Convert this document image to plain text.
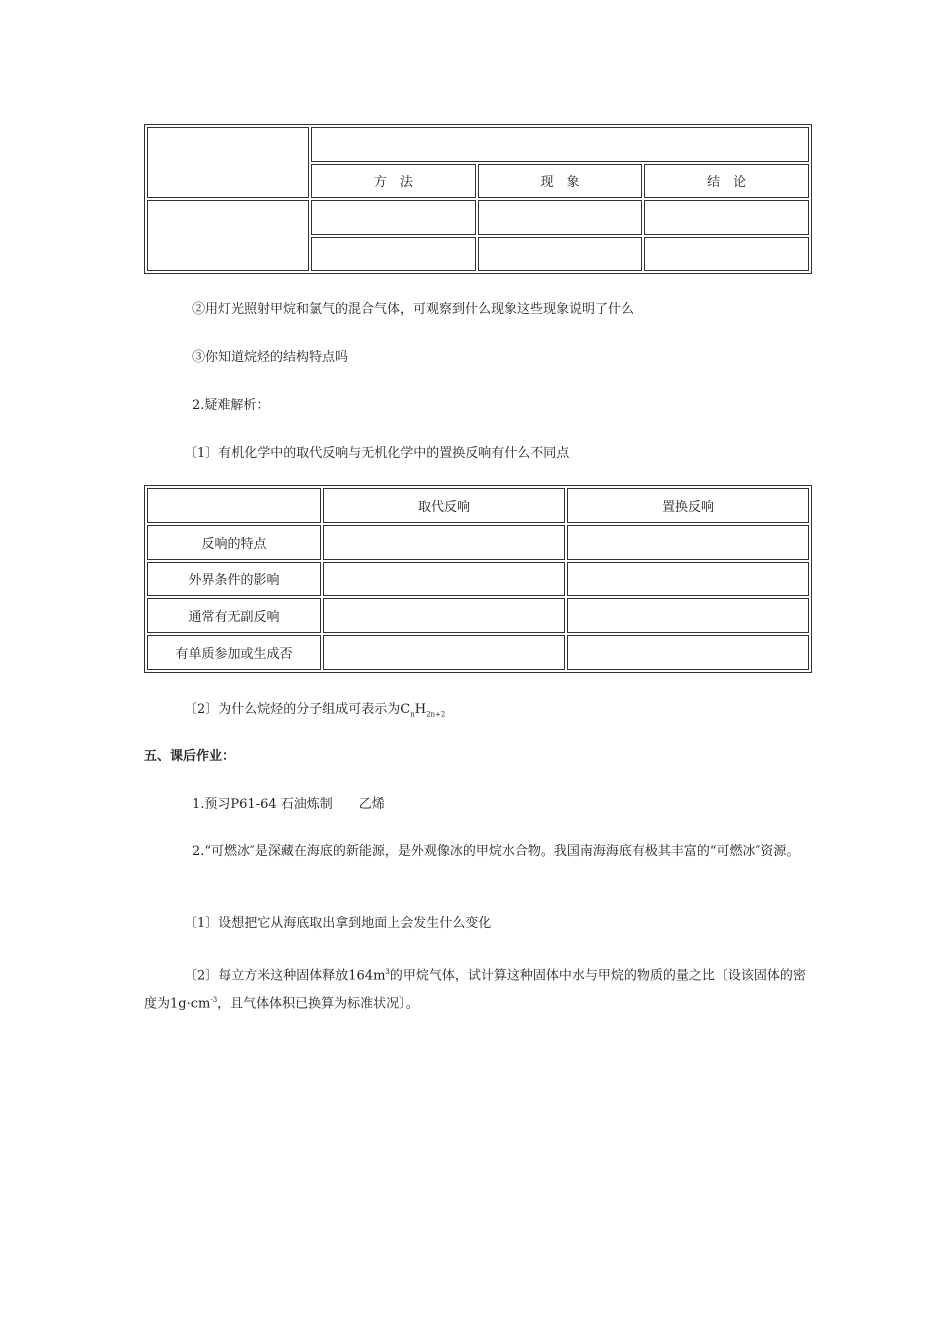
	方　法	现　象	结　论

②用灯光照射甲烷和氯气的混合气体，可观察到什么现象这些现象说明了什么
③你知道烷烃的结构特点吗
2.疑难解析：
〔1〕有机化学中的取代反响与无机化学中的置换反响有什么不同点
	取代反响	置换反响
反响的特点		
外界条件的影响		
通常有无副反响		
有单质参加或生成否		
〔2〕为什么烷烃的分子组成可表示为$C_nH_{2n+2}$
五、课后作业：
1.预习P61-64 石油炼制　　乙烯
2.“可燃冰″是深藏在海底的新能源，是外观像冰的甲烷水合物。我国南海海底有极其丰富的“可燃冰″资源。
〔1〕设想把它从海底取出拿到地面上会发生什么变化
〔2〕每立方米这种固体释放$164m^3$的甲烷气体，试计算这种固体中水与甲烷的物质的量之比〔设该固体的密度为$1g\cdot cm^{-3}$，且气体体积已换算为标准状况〕。
